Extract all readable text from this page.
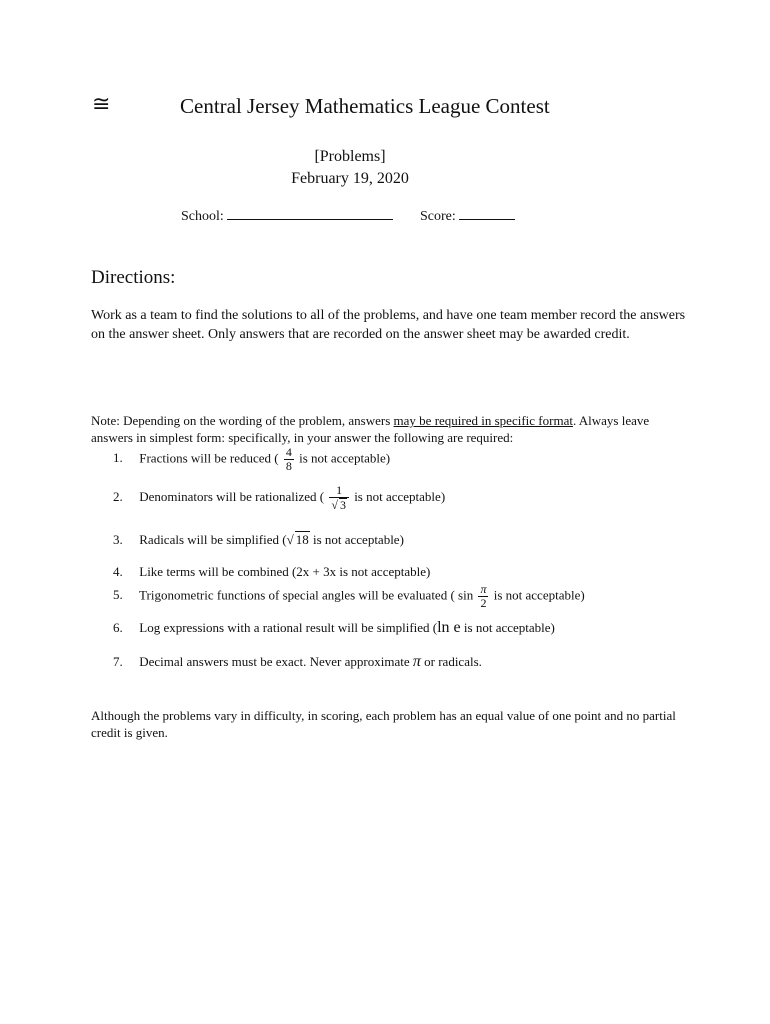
≅	Central Jersey Mathematics League Contest
[Problems]
February 19, 2020
School:	Score:
Directions:
Work as a team to find the solutions to all of the problems, and have one team member record the answers on the answer sheet. Only answers that are recorded on the answer sheet may be awarded credit.
Note: Depending on the wording of the problem, answers may be required in specific format. Always leave answers in simplest form: specifically, in your answer the following are required:
1. Fractions will be reduced ( $\frac{4}{8}$ is not acceptable)
2. Denominators will be rationalized ( $\frac{1}{√ 3}$ is not acceptable)
3. Radicals will be simplified (√ 18 is not acceptable)
4. Like terms will be combined (2x + 3x is not acceptable)
5. Trigonometric functions of special angles will be evaluated ( $\sin \frac{\pi}{2}$ is not acceptable)
6. Log expressions with a rational result will be simplified (ln e is not acceptable)
7. Decimal answers must be exact. Never approximate π or radicals.
Although the problems vary in difficulty, in scoring, each problem has an equal value of one point and no partial credit is given.
